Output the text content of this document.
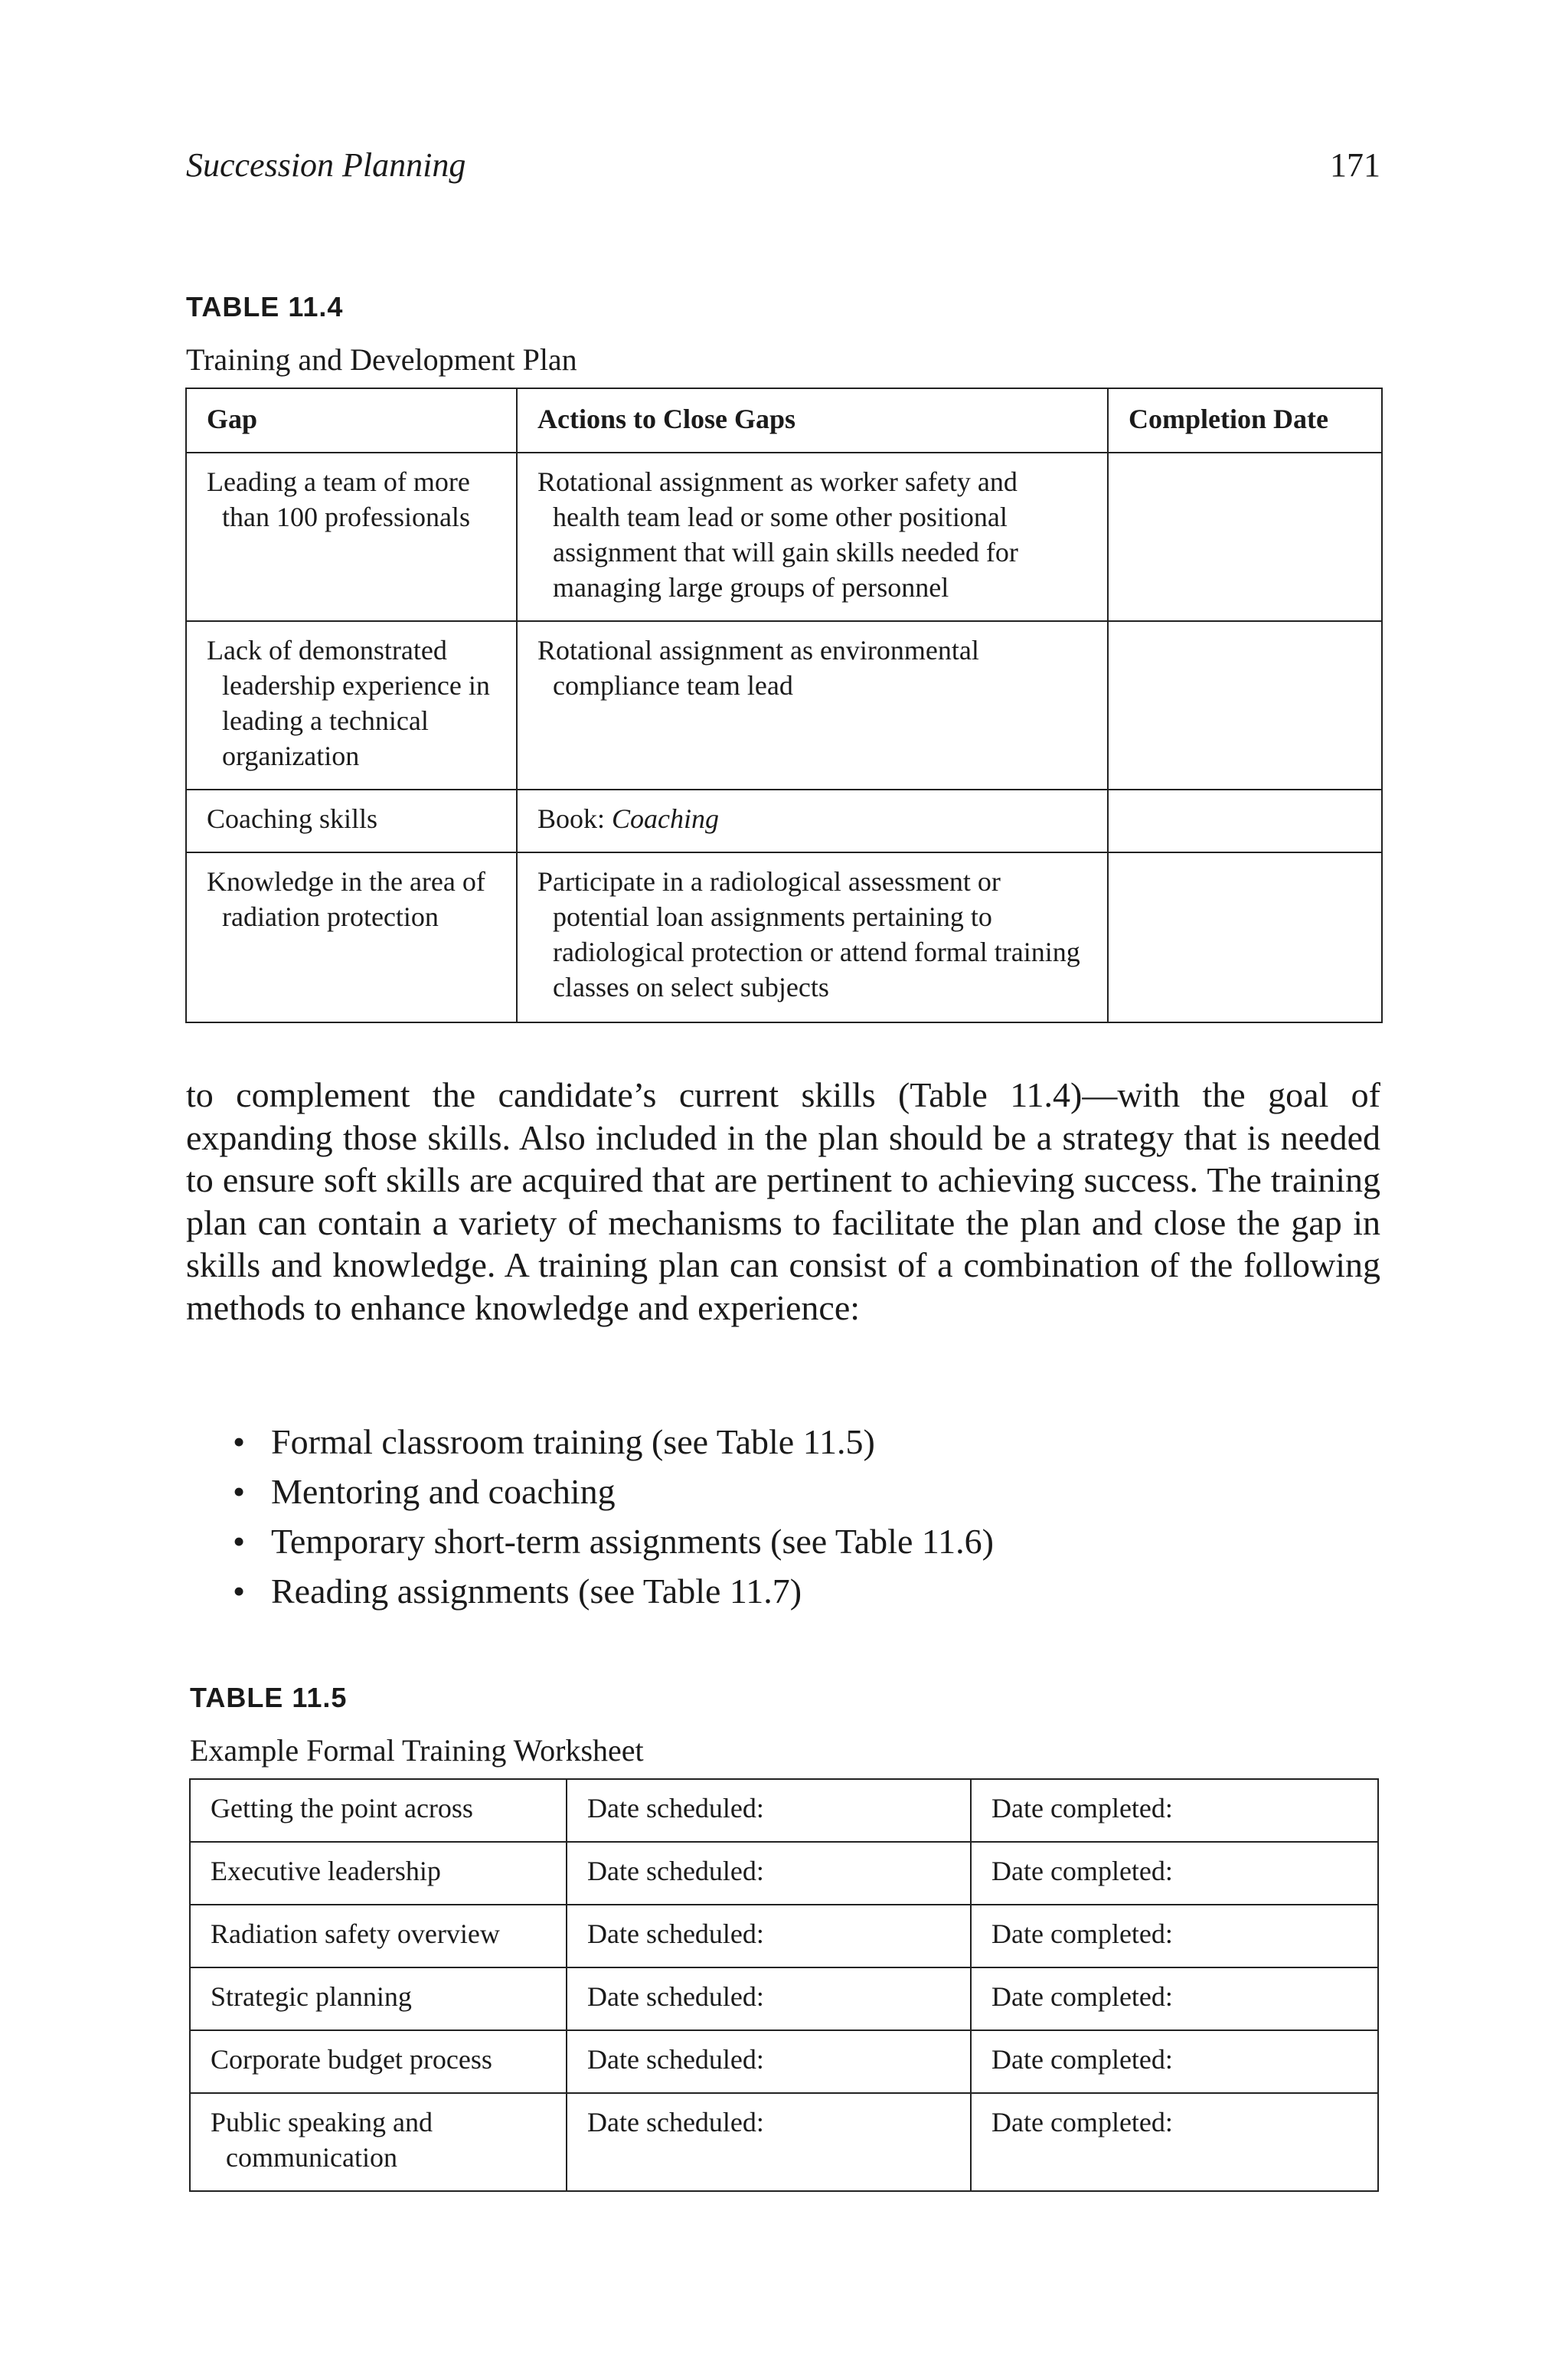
Succession Planning	171
TABLE 11.4
Training and Development Plan
Gap	Actions to Close Gaps	Completion Date

Leading a team of more than 100 professionals	Rotational assignment as worker safety and health team lead or some other positional assignment that will gain skills needed for managing large groups of personnel	

Lack of demonstrated leadership experience in leading a technical organization	Rotational assignment as environmental compliance team lead	

Coaching skills	Book: Coaching	

Knowledge in the area of radiation protection	Participate in a radiological assessment or potential loan assignments pertaining to radiological protection or attend formal training classes on select subjects	

to complement the candidate’s current skills (Table 11.4)—with the goal of expanding those skills. Also included in the plan should be a strategy that is needed to ensure soft skills are acquired that are pertinent to achieving success. The training plan can contain a variety of mechanisms to facilitate the plan and close the gap in skills and knowledge. A training plan can consist of a combination of the following methods to enhance knowledge and experience:

• Formal classroom training (see Table 11.5)
• Mentoring and coaching
• Temporary short-term assignments (see Table 11.6)
• Reading assignments (see Table 11.7)
TABLE 11.5
Example Formal Training Worksheet
Getting the point across	Date scheduled:	Date completed:

Executive leadership	Date scheduled:	Date completed:

Radiation safety overview	Date scheduled:	Date completed:

Strategic planning	Date scheduled:	Date completed:

Corporate budget process	Date scheduled:	Date completed:

Public speaking and communication	Date scheduled:	Date completed:
